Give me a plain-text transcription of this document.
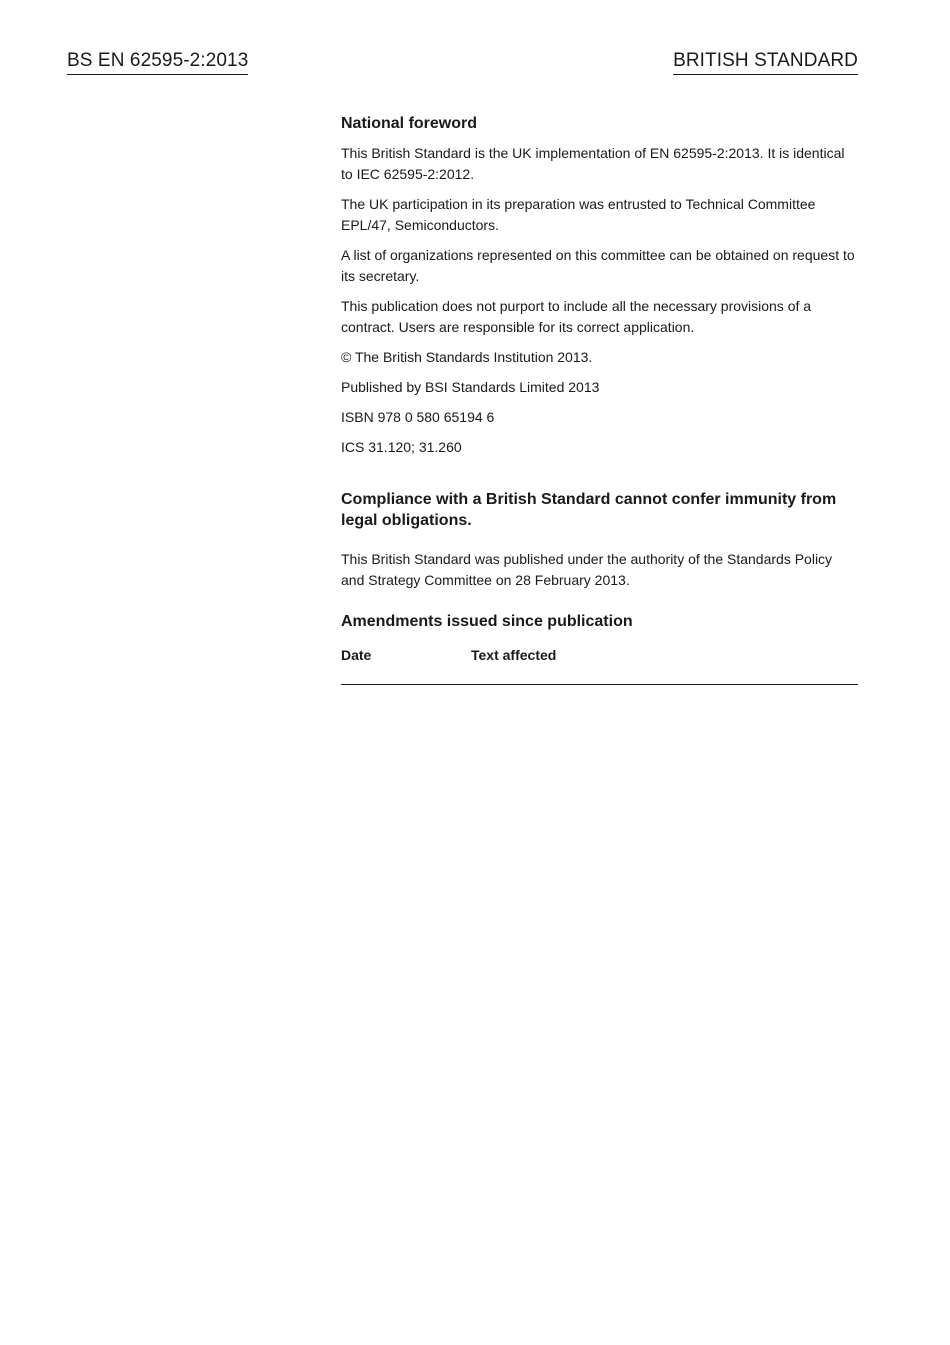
BS EN 62595-2:2013	BRITISH STANDARD
National foreword

This British Standard is the UK implementation of EN 62595-2:2013. It is identical to IEC 62595-2:2012.

The UK participation in its preparation was entrusted to Technical Committee EPL/47, Semiconductors.

A list of organizations represented on this committee can be obtained on request to its secretary.

This publication does not purport to include all the necessary provisions of a contract. Users are responsible for its correct application.

© The British Standards Institution 2013.

Published by BSI Standards Limited 2013

ISBN 978 0 580 65194 6

ICS 31.120; 31.260

Compliance with a British Standard cannot confer immunity from legal obligations.

This British Standard was published under the authority of the Standards Policy and Strategy Committee on 28 February 2013.

Amendments issued since publication
Date	Text affected
